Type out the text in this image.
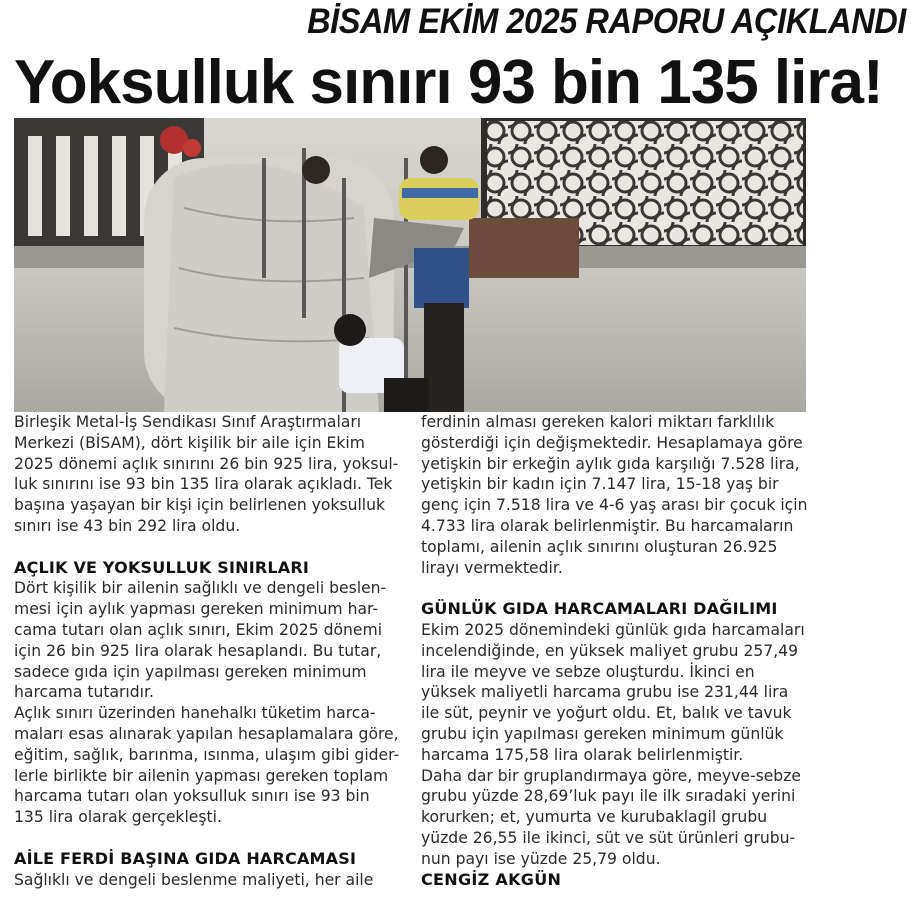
BİSAM EKİM 2025 RAPORU AÇIKLANDI
Yoksulluk sınırı 93 bin 135 lira!

Birleşik Metal-İş Sendikası Sınıf Araştırmaları
Merkezi (BİSAM), dört kişilik bir aile için Ekim
2025 dönemi açlık sınırını 26 bin 925 lira, yoksul-
luk sınırını ise 93 bin 135 lira olarak açıkladı. Tek
başına yaşayan bir kişi için belirlenen yoksulluk
sınırı ise 43 bin 292 lira oldu.

AÇLIK VE YOKSULLUK SINIRLARI

Dört kişilik bir ailenin sağlıklı ve dengeli beslen-
mesi için aylık yapması gereken minimum har-
cama tutarı olan açlık sınırı, Ekim 2025 dönemi
için 26 bin 925 lira olarak hesaplandı. Bu tutar,
sadece gıda için yapılması gereken minimum
harcama tutarıdır.

Açlık sınırı üzerinden hanehalkı tüketim harca-
maları esas alınarak yapılan hesaplamalara göre,
eğitim, sağlık, barınma, ısınma, ulaşım gibi gider-
lerle birlikte bir ailenin yapması gereken toplam
harcama tutarı olan yoksulluk sınırı ise 93 bin
135 lira olarak gerçekleşti.

AİLE FERDİ BAŞINA GIDA HARCAMASI

Sağlıklı ve dengeli beslenme maliyeti, her aile

ferdinin alması gereken kalori miktarı farklılık
gösterdiği için değişmektedir. Hesaplamaya göre
yetişkin bir erkeğin aylık gıda karşılığı 7.528 lira,
yetişkin bir kadın için 7.147 lira, 15-18 yaş bir
genç için 7.518 lira ve 4-6 yaş arası bir çocuk için
4.733 lira olarak belirlenmiştir. Bu harcamaların
toplamı, ailenin açlık sınırını oluşturan 26.925
lirayı vermektedir.

GÜNLÜK GIDA HARCAMALARI DAĞILIMI

Ekim 2025 dönemindeki günlük gıda harcamaları
incelendiğinde, en yüksek maliyet grubu 257,49
lira ile meyve ve sebze oluşturdu. İkinci en
yüksek maliyetli harcama grubu ise 231,44 lira
ile süt, peynir ve yoğurt oldu. Et, balık ve tavuk
grubu için yapılması gereken minimum günlük
harcama 175,58 lira olarak belirlenmiştir.

Daha dar bir gruplandırmaya göre, meyve-sebze
grubu yüzde 28,69’luk payı ile ilk sıradaki yerini
korurken; et, yumurta ve kurubaklagil grubu
yüzde 26,55 ile ikinci, süt ve süt ürünleri grubu-
nun payı ise yüzde 25,79 oldu.

CENGİZ AKGÜN
